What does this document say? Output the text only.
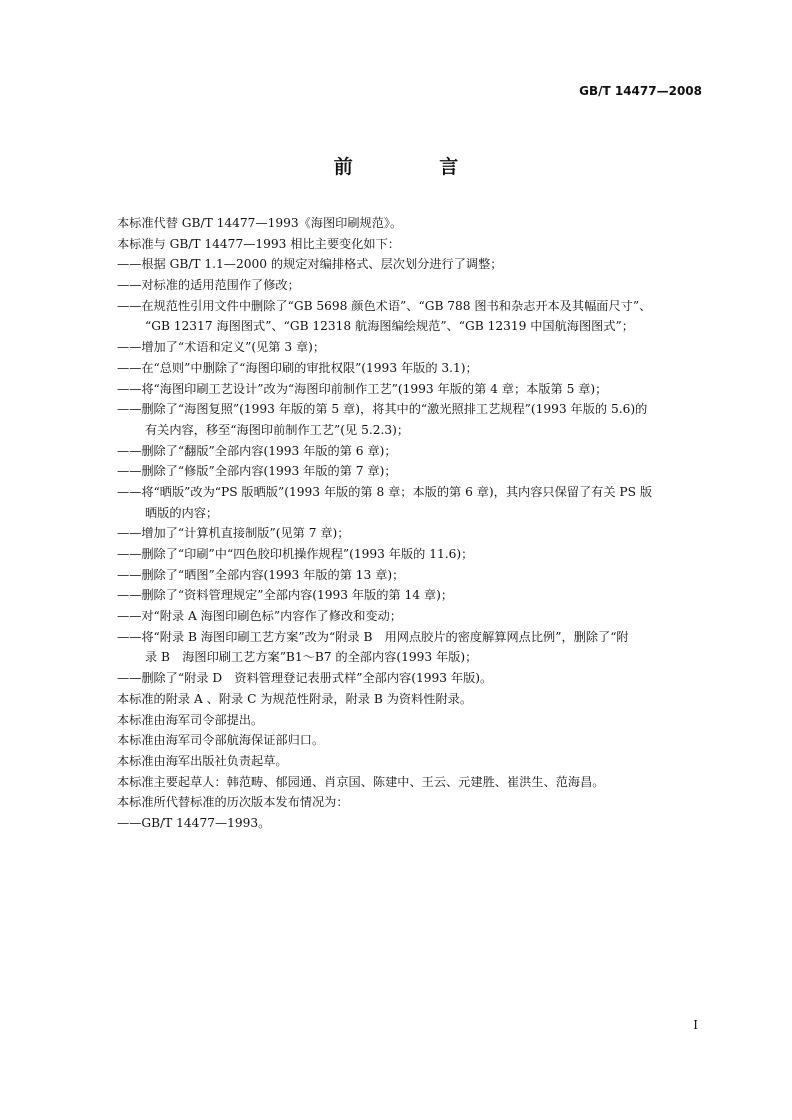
GB/T 14477—2008
前 言
本标准代替 GB/T 14477—1993《海图印刷规范》。
本标准与 GB/T 14477—1993 相比主要变化如下：
——根据 GB/T 1.1—2000 的规定对编排格式、层次划分进行了调整；
——对标准的适用范围作了修改；
——在规范性引用文件中删除了“GB 5698 颜色术语”、“GB 788 图书和杂志开本及其幅面尺寸”、
“GB 12317 海图图式”、“GB 12318 航海图编绘规范”、“GB 12319 中国航海图图式”；
——增加了“术语和定义”(见第 3 章)；
——在“总则”中删除了“海图印刷的审批权限”(1993 年版的 3.1)；
——将“海图印刷工艺设计”改为“海图印前制作工艺”(1993 年版的第 4 章；本版第 5 章)；
——删除了“海图复照”(1993 年版的第 5 章)，将其中的“激光照排工艺规程”(1993 年版的 5.6)的
有关内容，移至“海图印前制作工艺”(见 5.2.3)；
——删除了“翻版”全部内容(1993 年版的第 6 章)；
——删除了“修版”全部内容(1993 年版的第 7 章)；
——将“晒版”改为“PS 版晒版”(1993 年版的第 8 章；本版的第 6 章)，其内容只保留了有关 PS 版
晒版的内容；
——增加了“计算机直接制版”(见第 7 章)；
——删除了“印刷”中“四色胶印机操作规程”(1993 年版的 11.6)；
——删除了“晒图”全部内容(1993 年版的第 13 章)；
——删除了“资料管理规定”全部内容(1993 年版的第 14 章)；
——对“附录 A 海图印刷色标”内容作了修改和变动；
——将“附录 B 海图印刷工艺方案”改为“附录 B　用网点胶片的密度解算网点比例”，删除了“附
录 B　海图印刷工艺方案”B1～B7 的全部内容(1993 年版)；
——删除了“附录 D　资料管理登记表册式样”全部内容(1993 年版)。
本标准的附录 A 、附录 C 为规范性附录，附录 B 为资料性附录。
本标准由海军司令部提出。
本标准由海军司令部航海保证部归口。
本标准由海军出版社负责起草。
本标准主要起草人：韩范畴、郁园通、肖京国、陈建中、王云、元建胜、崔洪生、范海昌。
本标准所代替标准的历次版本发布情况为：
——GB/T 14477—1993。
I
